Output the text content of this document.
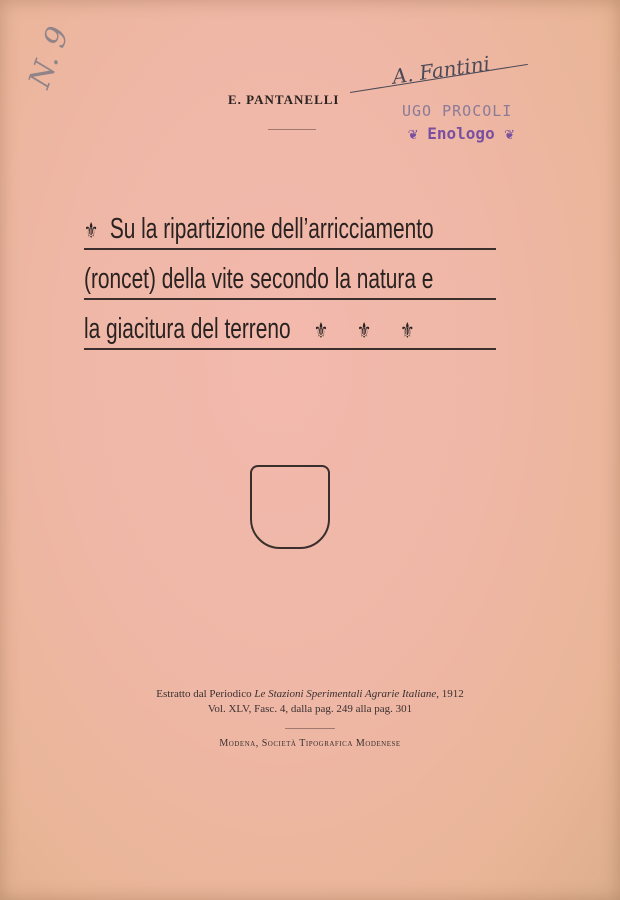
N. 9
E. PANTANELLI
A. Fantini
UGO PROCOLI
❦ Enologo ❦
⚜ Su la ripartizione dell’arricciamento
(roncet) della vite secondo la natura e
la giacitura del terreno ⚜ ⚜ ⚜
Estratto dal Periodico Le Stazioni Sperimentali Agrarie Italiane, 1912
Vol. XLV, Fasc. 4, dalla pag. 249 alla pag. 301
Modena, Società Tipografica Modenese
